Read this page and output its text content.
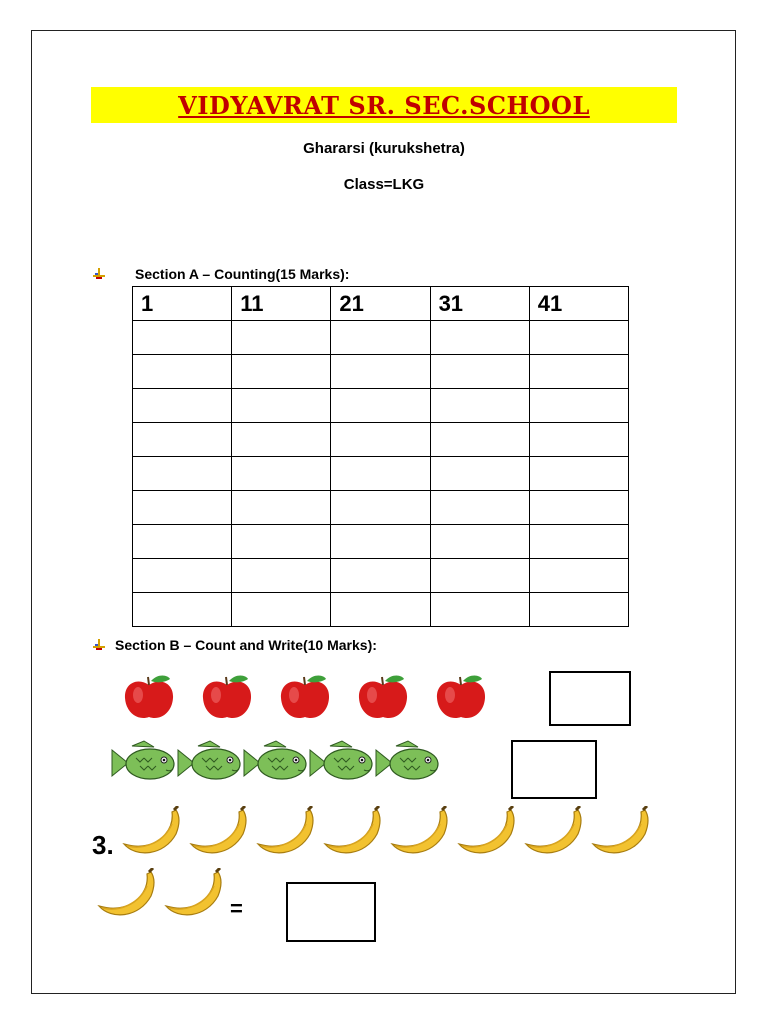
VIDYAVRAT SR. SEC.SCHOOL
Ghararsi (kurukshetra)
Class=LKG
Section A – Counting(15 Marks):
1	11	21	31	41

Section B – Count and Write(10 Marks):
3.
=
